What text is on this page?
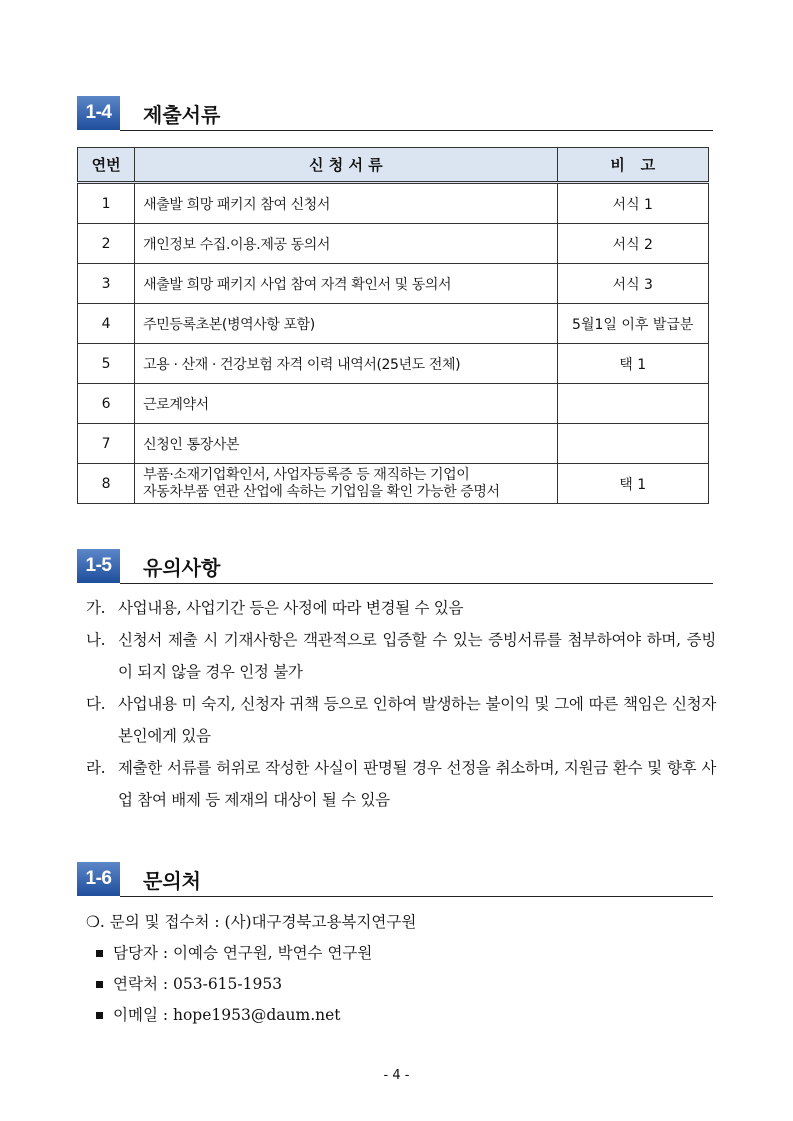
1-4	제출서류
연번	신 청 서 류	비   고
1	새출발 희망 패키지 참여 신청서	서식 1
2	개인정보 수집.이용.제공 동의서	서식 2
3	새출발 희망 패키지 사업 참여 자격 확인서 및 동의서	서식 3
4	주민등록초본(병역사항 포함)	5월1일 이후 발급분
5	고용 · 산재 · 건강보험 자격 이력 내역서(25년도 전체)	택 1
6	근로계약서	
7	신청인 통장사본	
8	부품·소재기업확인서, 사업자등록증 등 재직하는 기업이
자동차부품 연관 산업에 속하는 기업임을 확인 가능한 증명서	택 1
1-5	유의사항
가. 사업내용, 사업기간 등은 사정에 따라 변경될 수 있음
나. 신청서 제출 시 기재사항은 객관적으로 입증할 수 있는 증빙서류를 첨부하여야 하며, 증빙이 되지 않을 경우 인정 불가
다. 사업내용 미 숙지, 신청자 귀책 등으로 인하여 발생하는 불이익 및 그에 따른 책임은 신청자 본인에게 있음
라. 제출한 서류를 허위로 작성한 사실이 판명될 경우 선정을 취소하며, 지원금 환수 및 향후 사업 참여 배제 등 제재의 대상이 될 수 있음
1-6	문의처
❍. 문의 및 접수처 : (사)대구경북고용복지연구원
담당자 : 이예승 연구원, 박연수 연구원
연락처 : 053-615-1953
이메일 : hope1953@daum.net
- 4 -
